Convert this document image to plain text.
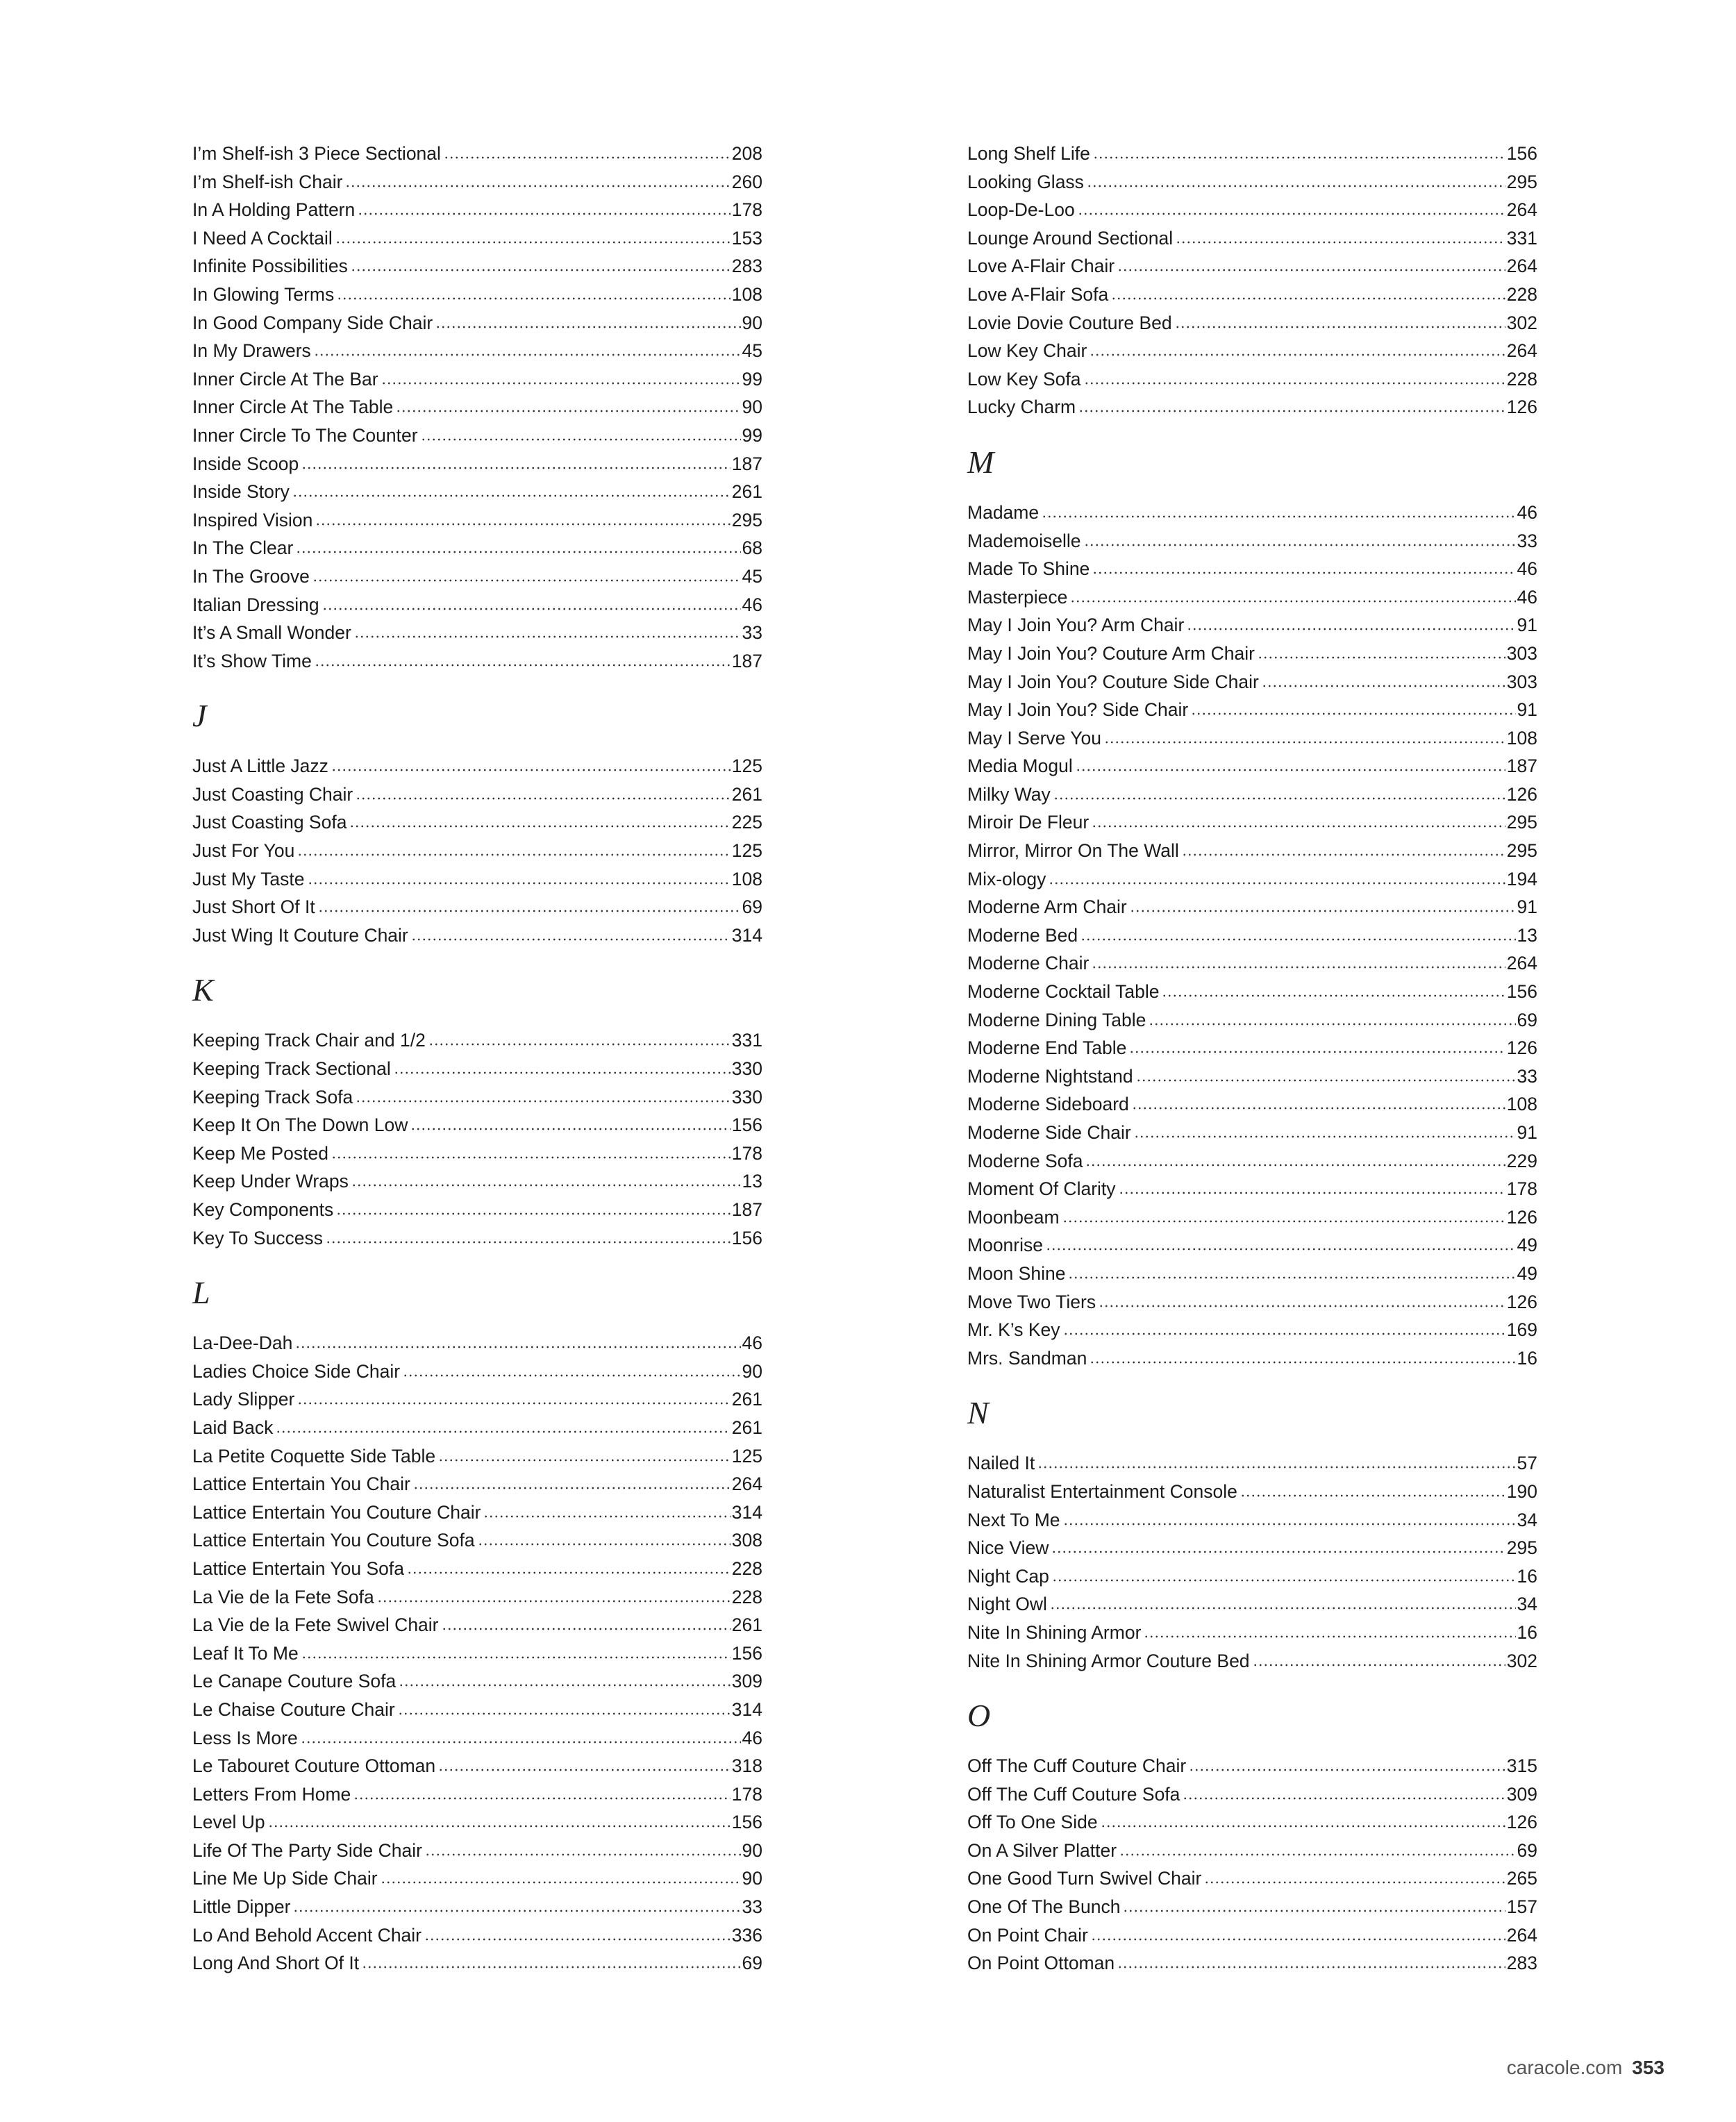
I’m Shelf-ish 3 Piece Sectional	208
I’m Shelf-ish Chair	260
In A Holding Pattern	178
I Need A Cocktail	153
Infinite Possibilities	283
In Glowing Terms	108
In Good Company Side Chair	90
In My Drawers	45
Inner Circle At The Bar	99
Inner Circle At The Table	90
Inner Circle To The Counter	99
Inside Scoop	187
Inside Story	261
Inspired Vision	295
In The Clear	68
In The Groove	45
Italian Dressing	46
It’s A Small Wonder	33
It’s Show Time	187
J
Just A Little Jazz	125
Just Coasting Chair	261
Just Coasting Sofa	225
Just For You	125
Just My Taste	108
Just Short Of It	69
Just Wing It Couture Chair	314
K
Keeping Track Chair and 1/2	331
Keeping Track Sectional	330
Keeping Track Sofa	330
Keep It On The Down Low	156
Keep Me Posted	178
Keep Under Wraps	13
Key Components	187
Key To Success	156
L
La-Dee-Dah	46
Ladies Choice Side Chair	90
Lady Slipper	261
Laid Back	261
La Petite Coquette Side Table	125
Lattice Entertain You Chair	264
Lattice Entertain You Couture Chair	314
Lattice Entertain You Couture Sofa	308
Lattice Entertain You Sofa	228
La Vie de la Fete Sofa	228
La Vie de la Fete Swivel Chair	261
Leaf It To Me	156
Le Canape Couture Sofa	309
Le Chaise Couture Chair	314
Less Is More	46
Le Tabouret Couture Ottoman	318
Letters From Home	178
Level Up	156
Life Of The Party Side Chair	90
Line Me Up Side Chair	90
Little Dipper	33
Lo And Behold Accent Chair	336
Long And Short Of It	69
Long Shelf Life	156
Looking Glass	295
Loop-De-Loo	264
Lounge Around Sectional	331
Love A-Flair Chair	264
Love A-Flair Sofa	228
Lovie Dovie Couture Bed	302
Low Key Chair	264
Low Key Sofa	228
Lucky Charm	126
M
Madame	46
Mademoiselle	33
Made To Shine	46
Masterpiece	46
May I Join You? Arm Chair	91
May I Join You? Couture Arm Chair	303
May I Join You? Couture Side Chair	303
May I Join You? Side Chair	91
May I Serve You	108
Media Mogul	187
Milky Way	126
Miroir De Fleur	295
Mirror, Mirror On The Wall	295
Mix-ology	194
Moderne Arm Chair	91
Moderne Bed	13
Moderne Chair	264
Moderne Cocktail Table	156
Moderne Dining Table	69
Moderne End Table	126
Moderne Nightstand	33
Moderne Sideboard	108
Moderne Side Chair	91
Moderne Sofa	229
Moment Of Clarity	178
Moonbeam	126
Moonrise	49
Moon Shine	49
Move Two Tiers	126
Mr. K’s Key	169
Mrs. Sandman	16
N
Nailed It	57
Naturalist Entertainment Console	190
Next To Me	34
Nice View	295
Night Cap	16
Night Owl	34
Nite In Shining Armor	16
Nite In Shining Armor Couture Bed	302
O
Off The Cuff Couture Chair	315
Off The Cuff Couture Sofa	309
Off To One Side	126
On A Silver Platter	69
One Good Turn Swivel Chair	265
One Of The Bunch	157
On Point Chair	264
On Point Ottoman	283
caracole.com 353
